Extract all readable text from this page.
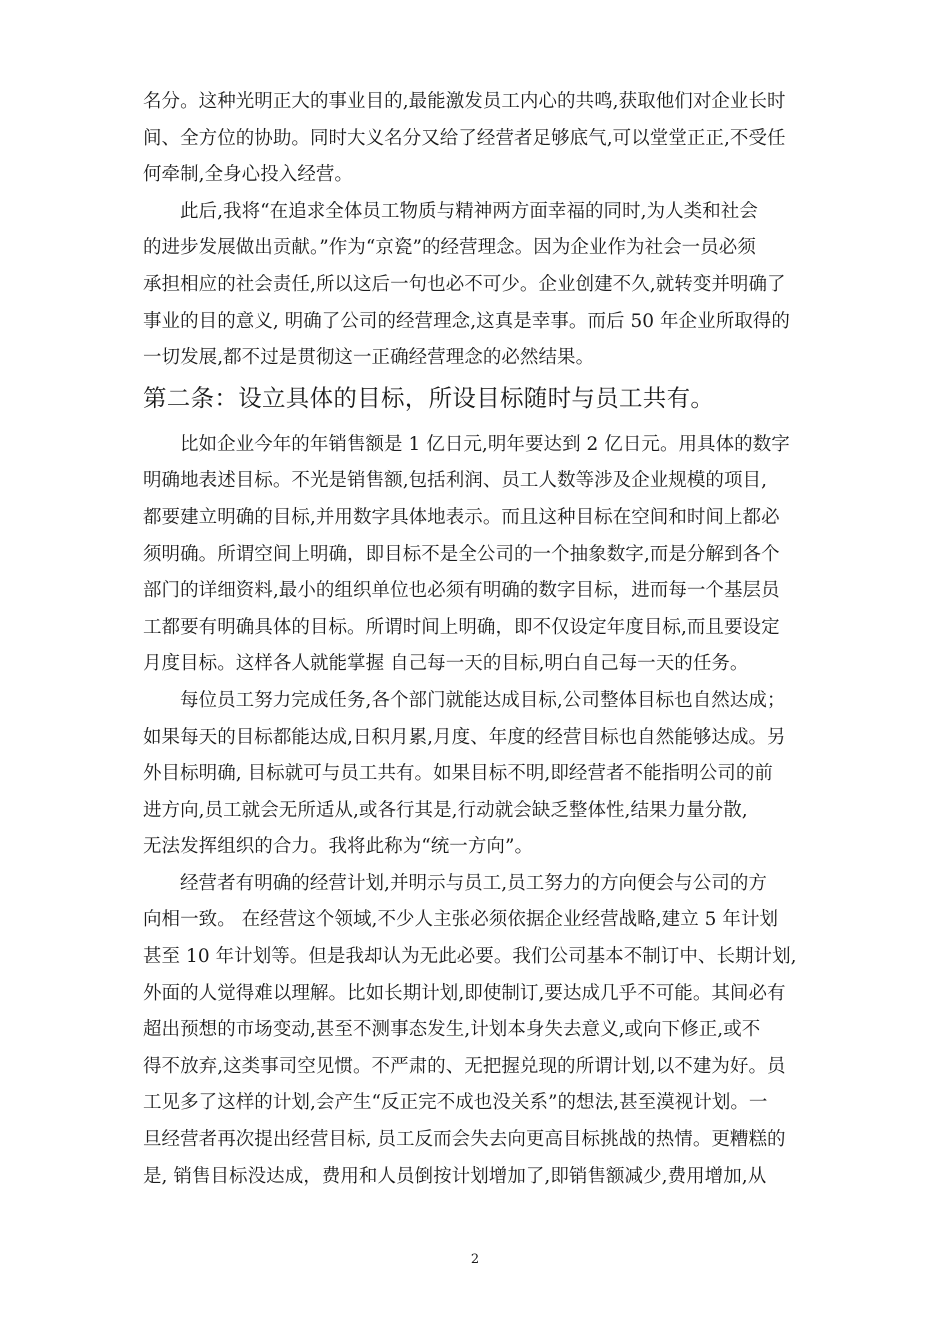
名分。这种光明正大的事业目的,最能激发员工内心的共鸣,获取他们对企业长时

间、全方位的协助。同时大义名分又给了经营者足够底气,可以堂堂正正,不受任

何牵制,全身心投入经营。

此后,我将“在追求全体员工物质与精神两方面幸福的同时,为人类和社会

的进步发展做出贡献。”作为“京瓷”的经营理念。因为企业作为社会一员必须

承担相应的社会责任,所以这后一句也必不可少。企业创建不久,就转变并明确了

事业的目的意义, 明确了公司的经营理念,这真是幸事。而后 50 年企业所取得的

一切发展,都不过是贯彻这一正确经营理念的必然结果。

第二条：设立具体的目标，所设目标随时与员工共有。

比如企业今年的年销售额是 1 亿日元,明年要达到 2 亿日元。用具体的数字

明确地表述目标。不光是销售额,包括利润、员工人数等涉及企业规模的项目,

都要建立明确的目标,并用数字具体地表示。而且这种目标在空间和时间上都必

须明确。所谓空间上明确，即目标不是全公司的一个抽象数字,而是分解到各个

部门的详细资料,最小的组织单位也必须有明确的数字目标，进而每一个基层员

工都要有明确具体的目标。所谓时间上明确，即不仅设定年度目标,而且要设定

月度目标。这样各人就能掌握 自己每一天的目标,明白自己每一天的任务。

每位员工努力完成任务,各个部门就能达成目标,公司整体目标也自然达成；

如果每天的目标都能达成,日积月累,月度、年度的经营目标也自然能够达成。另

外目标明确, 目标就可与员工共有。如果目标不明,即经营者不能指明公司的前

进方向,员工就会无所适从,或各行其是,行动就会缺乏整体性,结果力量分散,

无法发挥组织的合力。我将此称为“统一方向”。

经营者有明确的经营计划,并明示与员工,员工努力的方向便会与公司的方

向相一致。 在经营这个领域,不少人主张必须依据企业经营战略,建立 5 年计划

甚至 10 年计划等。但是我却认为无此必要。我们公司基本不制订中、长期计划,

外面的人觉得难以理解。比如长期计划,即使制订,要达成几乎不可能。其间必有

超出预想的市场变动,甚至不测事态发生,计划本身失去意义,或向下修正,或不

得不放弃,这类事司空见惯。不严肃的、无把握兑现的所谓计划,以不建为好。员

工见多了这样的计划,会产生“反正完不成也没关系”的想法,甚至漠视计划。一

旦经营者再次提出经营目标, 员工反而会失去向更高目标挑战的热情。更糟糕的

是, 销售目标没达成，费用和人员倒按计划增加了,即销售额减少,费用增加,从

2
